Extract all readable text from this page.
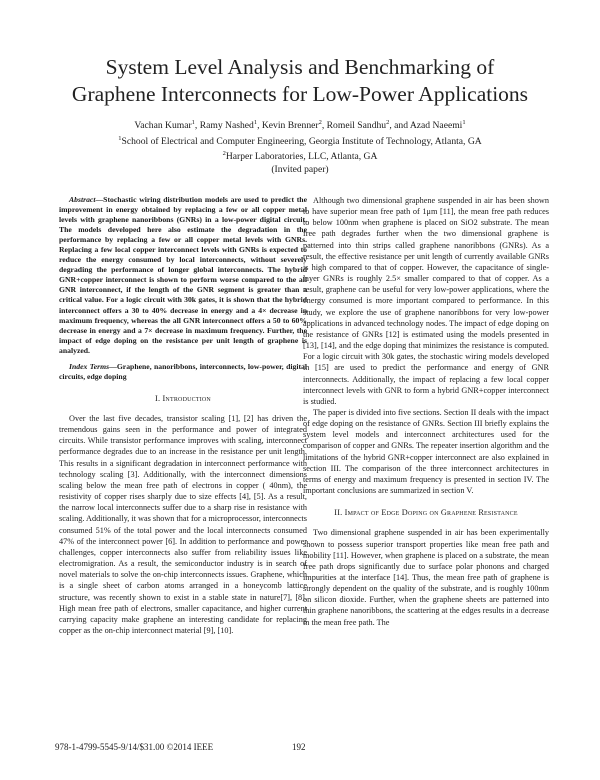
System Level Analysis and Benchmarking of
Graphene Interconnects for Low-Power Applications
Vachan Kumar$^1$, Ramy Nashed$^1$, Kevin Brenner$^2$, Romeil Sandhu$^2$, and Azad Naeemi$^1$
$^1$School of Electrical and Computer Engineering, Georgia Institute of Technology, Atlanta, GA
$^2$Harper Laboratories, LLC, Atlanta, GA
(Invited paper)

Abstract—Stochastic wiring distribution models are used to predict the improvement in energy obtained by replacing a few or all copper metal levels with graphene nanoribbons (GNRs) in a low-power digital circuit. The models developed here also estimate the degradation in the performance by replacing a few or all copper metal levels with GNRs. Replacing a few local copper interconnect levels with GNRs is expected to reduce the energy consumed by local interconnects, without severely degrading the performance of longer global interconnects. The hybrid GNR+copper interconnect is shown to perform worse compared to the all GNR interconnect, if the length of the GNR segment is greater than a critical value. For a logic circuit with 30k gates, it is shown that the hybrid interconnect offers a 30 to 40% decrease in energy and a 4× decrease in maximum frequency, whereas the all GNR interconnect offers a 50 to 60% decrease in energy and a 7× decrease in maximum frequency. Further, the impact of edge doping on the resistance per unit length of graphene is analyzed.

Index Terms—Graphene, nanoribbons, interconnects, low-power, digital circuits, edge doping

I. Introduction

Over the last five decades, transistor scaling [1], [2] has driven the tremendous gains seen in the performance and power of integrated circuits. While transistor performance improves with scaling, interconnect performance degrades due to an increase in the resistance per unit length. This results in a significant degradation in interconnect performance with technology scaling [3]. Additionally, with the interconnect dimensions scaling below the mean free path of electrons in copper ( 40nm), the resistivity of copper rises sharply due to size effects [4], [5]. As a result, the narrow local interconnects suffer due to a sharp rise in resistance with scaling. Additionally, it was shown that for a microprocessor, interconnects consumed 51% of the total power and the local interconnects consumed 47% of the interconnect power [6]. In addition to performance and power challenges, copper interconnects also suffer from reliability issues like electromigration. As a result, the semiconductor industry is in search of novel materials to solve the on-chip interconnects issues. Graphene, which is a single sheet of carbon atoms arranged in a honeycomb lattice structure, was recently shown to exist in a stable state in nature[7], [8]. High mean free path of electrons, smaller capacitance, and higher current carrying capacity make graphene an interesting candidate for replacing copper as the on-chip interconnect material [9], [10].

Although two dimensional graphene suspended in air has been shown to have superior mean free path of 1μm [11], the mean free path reduces to below 100nm when graphene is placed on SiO2 substrate. The mean free path degrades further when the two dimensional graphene is patterned into thin strips called graphene nanoribbons (GNRs). As a result, the effective resistance per unit length of currently available GNRs is high compared to that of copper. However, the capacitance of single-layer GNRs is roughly 2.5× smaller compared to that of copper. As a result, graphene can be useful for very low-power applications, where the energy consumed is more important compared to performance. In this study, we explore the use of graphene nanoribbons for very low-power applications in advanced technology nodes. The impact of edge doping on the resistance of GNRs [12] is estimated using the models presented in [13], [14], and the edge doping that minimizes the resistance is computed. For a logic circuit with 30k gates, the stochastic wiring models developed in [15] are used to predict the performance and energy of GNR interconnects. Additionally, the impact of replacing a few local copper interconnect levels with GNR to form a hybrid GNR+copper interconnect is studied.

The paper is divided into five sections. Section II deals with the impact of edge doping on the resistance of GNRs. Section III briefly explains the system level models and interconnect architectures used for the comparison of copper and GNRs. The repeater insertion algorithm and the limitations of the hybrid GNR+copper interconnect are also explained in section III. The comparison of the three interconnect architectures in terms of energy and maximum frequency is presented in section IV. The important conclusions are summarized in section V.

II. Impact of Edge Doping on Graphene Resistance

Two dimensional graphene suspended in air has been experimentally shown to possess superior transport properties like mean free path and mobility [11]. However, when graphene is placed on a substrate, the mean free path drops significantly due to surface polar phonons and charged impurities at the interface [14]. Thus, the mean free path of graphene is strongly dependent on the quality of the substrate, and is roughly 100nm on silicon dioxide. Further, when the graphene sheets are patterned into thin graphene nanoribbons, the scattering at the edges results in a decrease in the mean free path. The

978-1-4799-5545-9/14/$31.00 ©2014 IEEE	192
